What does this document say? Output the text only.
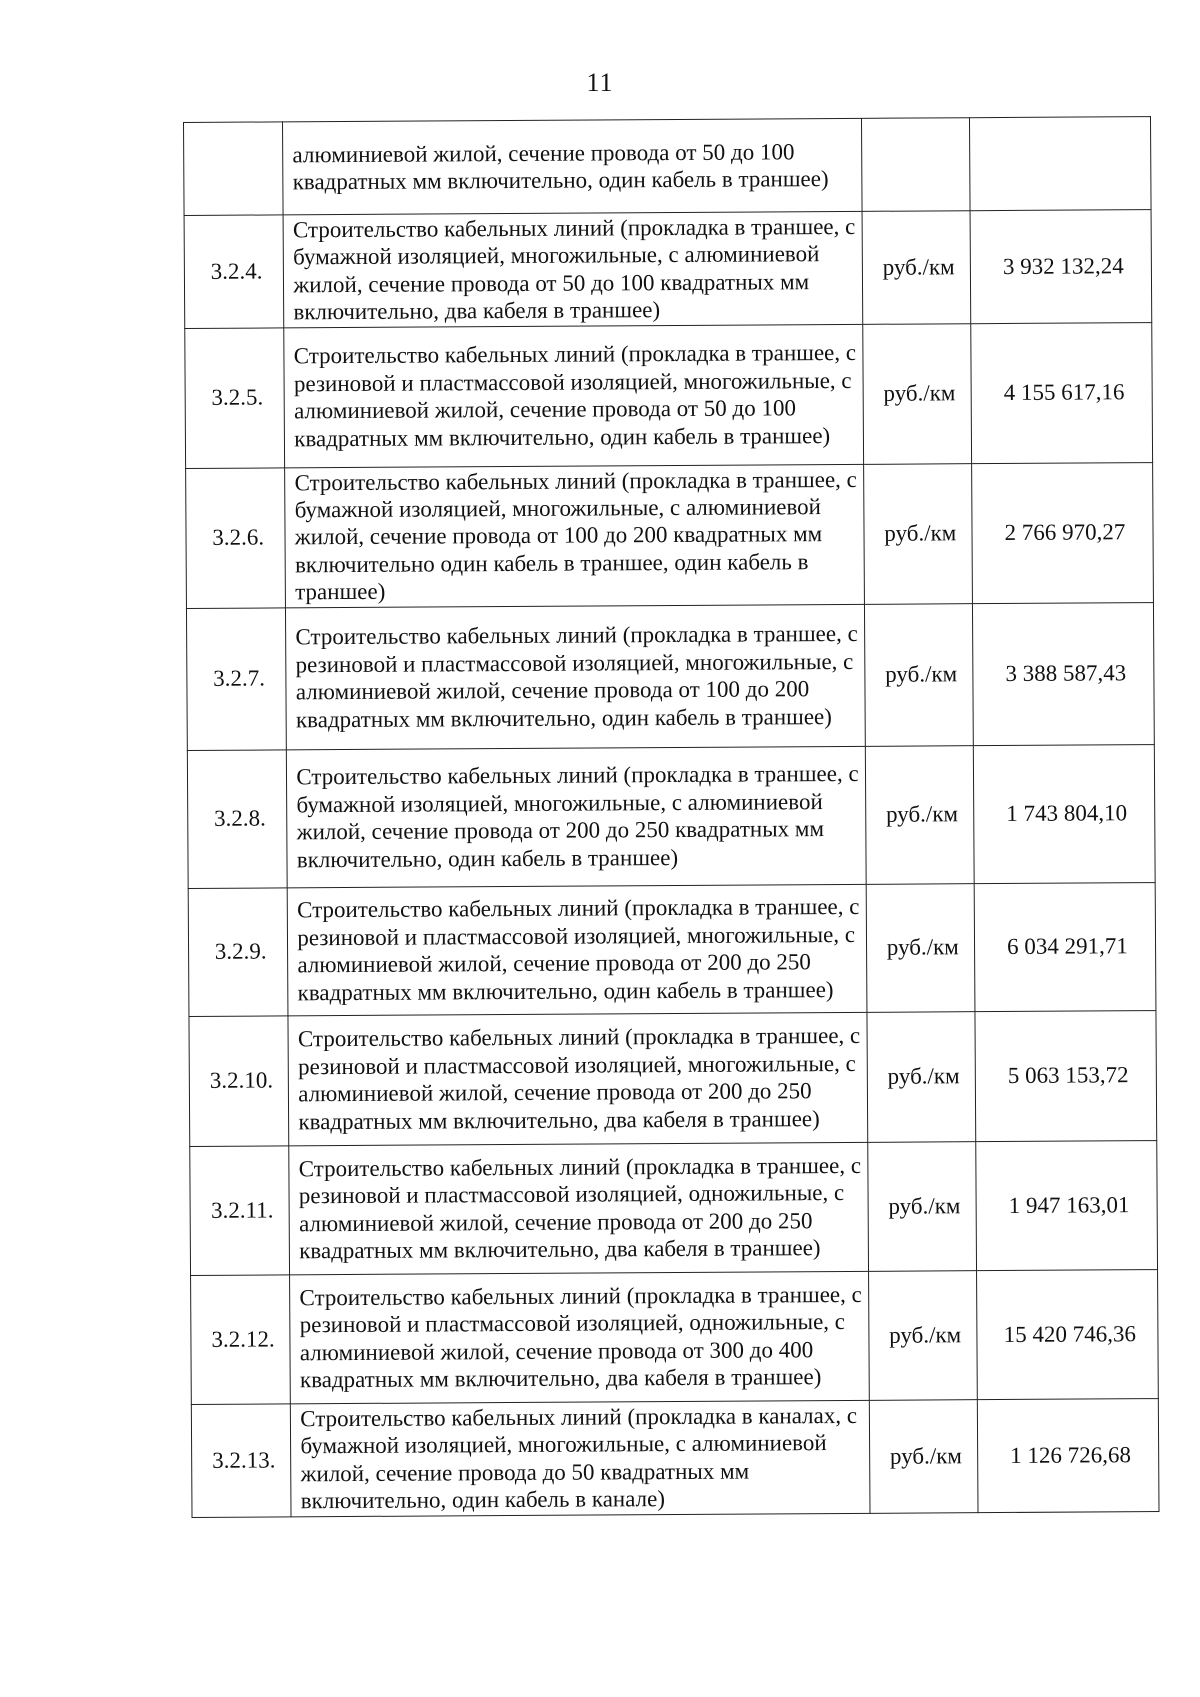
11
	алюминиевой жилой, сечение провода от 50 до 100 квадратных мм включительно, один кабель в траншее)		
3.2.4.	Строительство кабельных линий (прокладка в траншее, с бумажной изоляцией, многожильные, с алюминиевой жилой, сечение провода от 50 до 100 квадратных мм включительно, два кабеля в траншее)	руб./км	3 932 132,24
3.2.5.	Строительство кабельных линий (прокладка в траншее, с резиновой и пластмассовой изоляцией, многожильные, с алюминиевой жилой, сечение провода от 50 до 100 квадратных мм включительно, один кабель в траншее)	руб./км	4 155 617,16
3.2.6.	Строительство кабельных линий (прокладка в траншее, с бумажной изоляцией, многожильные, с алюминиевой жилой, сечение провода от 100 до 200 квадратных мм включительно один кабель в траншее, один кабель в траншее)	руб./км	2 766 970,27
3.2.7.	Строительство кабельных линий (прокладка в траншее, с резиновой и пластмассовой изоляцией, многожильные, с алюминиевой жилой, сечение провода от 100 до 200 квадратных мм включительно, один кабель в траншее)	руб./км	3 388 587,43
3.2.8.	Строительство кабельных линий (прокладка в траншее, с бумажной изоляцией, многожильные, с алюминиевой жилой, сечение провода от 200 до 250 квадратных мм включительно, один кабель в траншее)	руб./км	1 743 804,10
3.2.9.	Строительство кабельных линий (прокладка в траншее, с резиновой и пластмассовой изоляцией, многожильные, с алюминиевой жилой, сечение провода от 200 до 250 квадратных мм включительно, один кабель в траншее)	руб./км	6 034 291,71
3.2.10.	Строительство кабельных линий (прокладка в траншее, с резиновой и пластмассовой изоляцией, многожильные, с алюминиевой жилой, сечение провода от 200 до 250 квадратных мм включительно, два кабеля в траншее)	руб./км	5 063 153,72
3.2.11.	Строительство кабельных линий (прокладка в траншее, с резиновой и пластмассовой изоляцией, одножильные, с алюминиевой жилой, сечение провода от 200 до 250 квадратных мм включительно, два кабеля в траншее)	руб./км	1 947 163,01
3.2.12.	Строительство кабельных линий (прокладка в траншее, с резиновой и пластмассовой изоляцией, одножильные, с алюминиевой жилой, сечение провода от 300 до 400 квадратных мм включительно, два кабеля в траншее)	руб./км	15 420 746,36
3.2.13.	Строительство кабельных линий (прокладка в каналах, с бумажной изоляцией, многожильные, с алюминиевой жилой, сечение провода до 50 квадратных мм включительно, один кабель в канале)	руб./км	1 126 726,68
